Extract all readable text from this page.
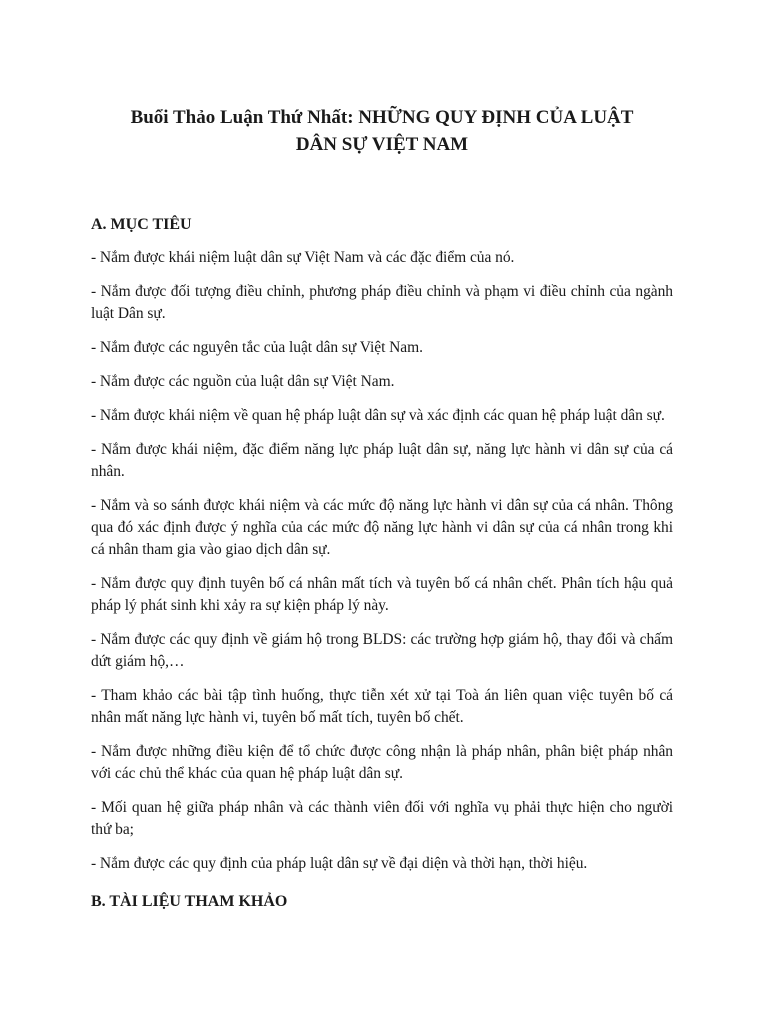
Buổi Thảo Luận Thứ Nhất: NHỮNG QUY ĐỊNH CỦA LUẬT
DÂN SỰ VIỆT NAM
A. MỤC TIÊU

- Nắm được khái niệm luật dân sự Việt Nam và các đặc điểm của nó.

- Nắm được đối tượng điều chỉnh, phương pháp điều chỉnh và phạm vi điều chỉnh của ngành luật Dân sự.

- Nắm được các nguyên tắc của luật dân sự Việt Nam.

- Nắm được các nguồn của luật dân sự Việt Nam.

- Nắm được khái niệm về quan hệ pháp luật dân sự và xác định các quan hệ pháp luật dân sự.

- Nắm được khái niệm, đặc điểm năng lực pháp luật dân sự, năng lực hành vi dân sự của cá nhân.

- Nắm và so sánh được khái niệm và các mức độ năng lực hành vi dân sự của cá nhân. Thông qua đó xác định được ý nghĩa của các mức độ năng lực hành vi dân sự của cá nhân trong khi cá nhân tham gia vào giao dịch dân sự.

- Nắm được quy định tuyên bố cá nhân mất tích và tuyên bố cá nhân chết. Phân tích hậu quả pháp lý phát sinh khi xảy ra sự kiện pháp lý này.

- Nắm được các quy định về giám hộ trong BLDS: các trường hợp giám hộ, thay đổi và chấm dứt giám hộ,…

- Tham khảo các bài tập tình huống, thực tiễn xét xử tại Toà án liên quan việc tuyên bố cá nhân mất năng lực hành vi, tuyên bố mất tích, tuyên bố chết.

- Nắm được những điều kiện để tổ chức được công nhận là pháp nhân, phân biệt pháp nhân với các chủ thể khác của quan hệ pháp luật dân sự.

- Mối quan hệ giữa pháp nhân và các thành viên đối với nghĩa vụ phải thực hiện cho người thứ ba;

- Nắm được các quy định của pháp luật dân sự về đại diện và thời hạn, thời hiệu.

B. TÀI LIỆU THAM KHẢO
